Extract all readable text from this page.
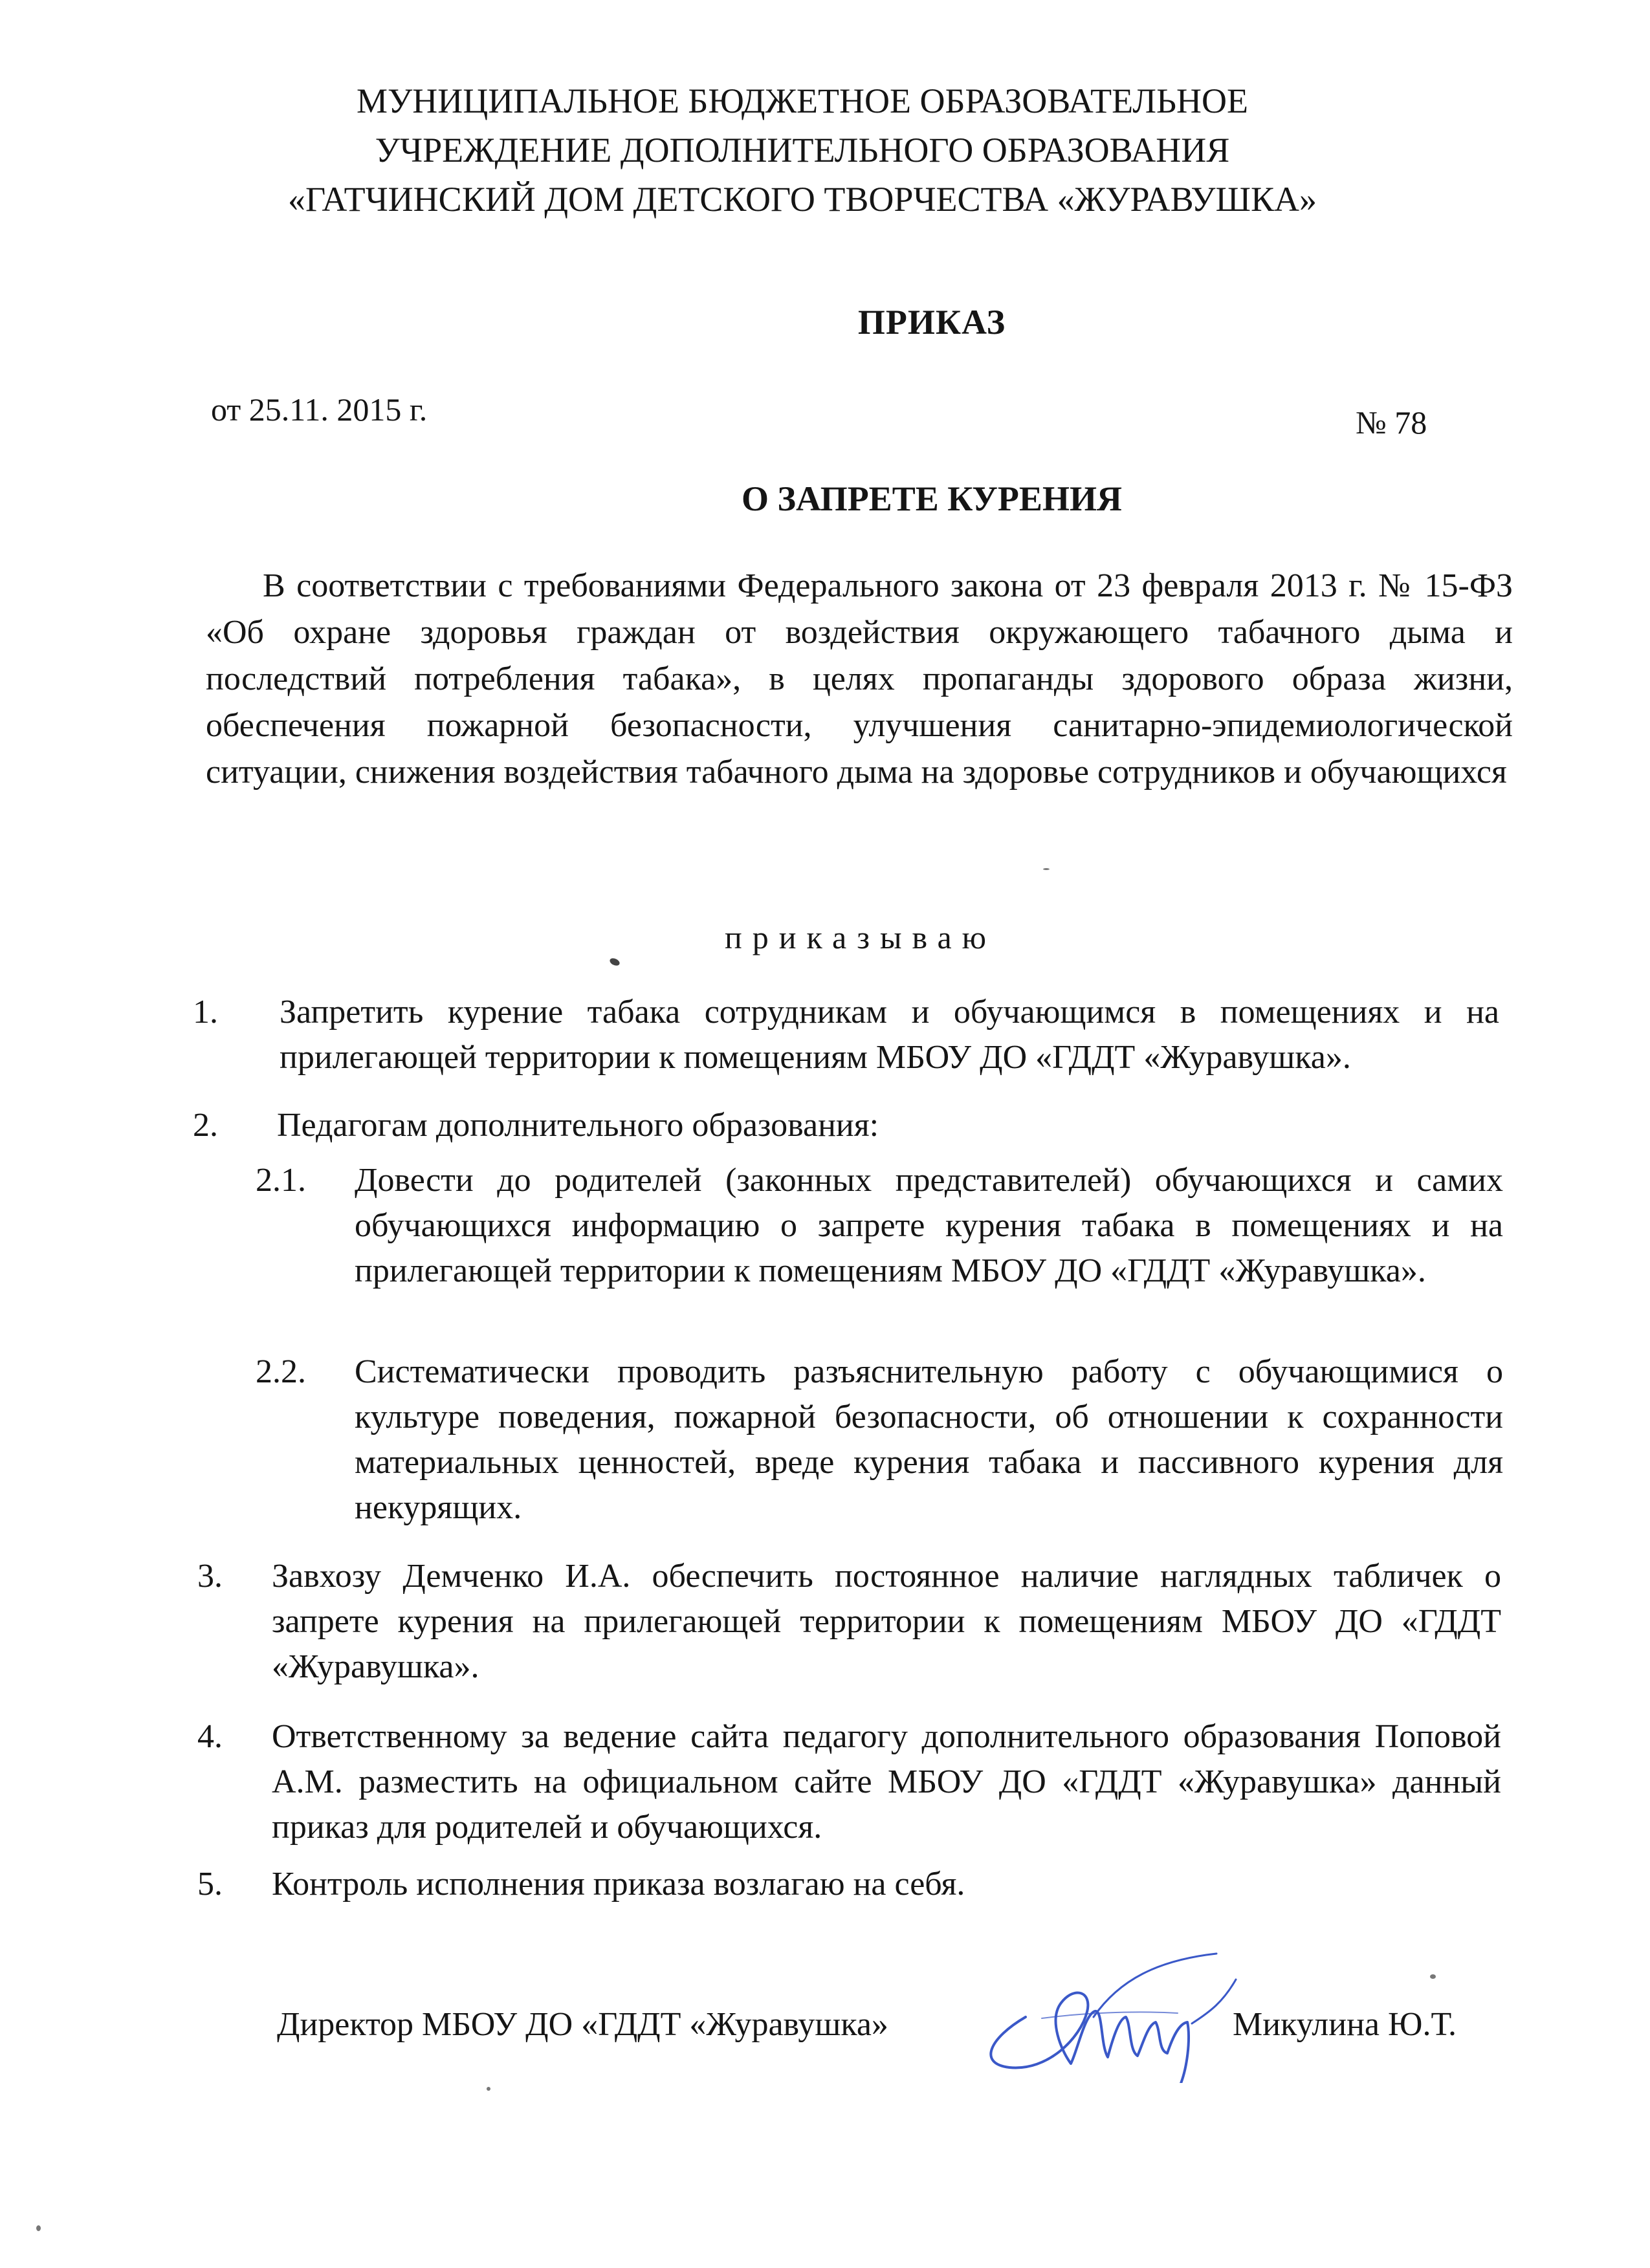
МУНИЦИПАЛЬНОЕ БЮДЖЕТНОЕ ОБРАЗОВАТЕЛЬНОЕ
УЧРЕЖДЕНИЕ ДОПОЛНИТЕЛЬНОГО ОБРАЗОВАНИЯ
«ГАТЧИНСКИЙ ДОМ ДЕТСКОГО ТВОРЧЕСТВА «ЖУРАВУШКА»
ПРИКАЗ
от 25.11. 2015 г.	№ 78
О ЗАПРЕТЕ КУРЕНИЯ

В соответствии с требованиями Федерального закона от 23 февраля 2013 г. № 15-ФЗ «Об охране здоровья граждан от воздействия окружающего табачного дыма и последствий потребления табака», в целях пропаганды здорового образа жизни, обеспечения пожарной безопасности, улучшения санитарно-эпидемиологической ситуации, снижения воздействия табачного дыма на здоровье сотрудников и обучающихся

приказываю
1. Запретить курение табака сотрудникам и обучающимся в помещениях и на прилегающей территории к помещениям МБОУ ДО «ГДДТ «Журавушка».
2. Педагогам дополнительного образования:
2.1. Довести до родителей (законных представителей) обучающихся и самих обучающихся информацию о запрете курения табака в помещениях и на прилегающей территории к помещениям МБОУ ДО «ГДДТ «Журавушка».
2.2. Систематически проводить разъяснительную работу с обучающимися о культуре поведения, пожарной безопасности, об отношении к сохранности материальных ценностей, вреде курения табака и пассивного курения для некурящих.
3. Завхозу Демченко И.А. обеспечить постоянное наличие наглядных табличек о запрете курения на прилегающей территории к помещениям МБОУ ДО «ГДДТ «Журавушка».
4. Ответственному за ведение сайта педагогу дополнительного образования Поповой А.М. разместить на официальном сайте МБОУ ДО «ГДДТ «Журавушка» данный приказ для родителей и обучающихся.
5. Контроль исполнения приказа возлагаю на себя.
Директор МБОУ ДО «ГДДТ «Журавушка»	Микулина Ю.Т.
